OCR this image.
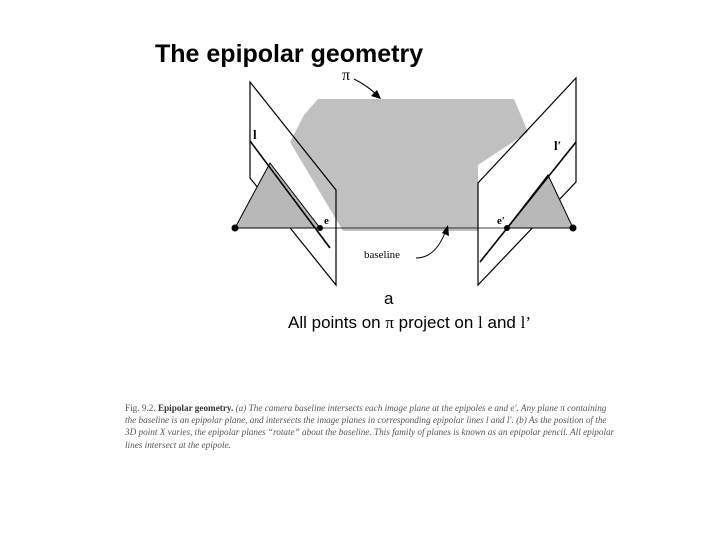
The epipolar geometry
π
l
l′
e	e′
baseline
a
All points on π project on l and l’
Fig. 9.2. Epipolar geometry. (a) The camera baseline intersects each image plane at the epipoles e and e′. Any plane π containing the baseline is an epipolar plane, and intersects the image planes in corresponding epipolar lines l and l′. (b) As the position of the 3D point X varies, the epipolar planes “rotate” about the baseline. This family of planes is known as an epipolar pencil. All epipolar lines intersect at the epipole.
